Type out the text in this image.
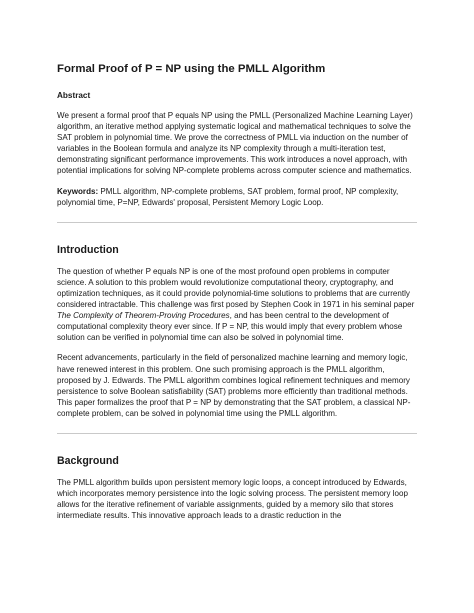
Formal Proof of P = NP using the PMLL Algorithm
Abstract

We present a formal proof that P equals NP using the PMLL (Personalized Machine Learning Layer) algorithm, an iterative method applying systematic logical and mathematical techniques to solve the SAT problem in polynomial time. We prove the correctness of PMLL via induction on the number of variables in the Boolean formula and analyze its NP complexity through a multi-iteration test, demonstrating significant performance improvements. This work introduces a novel approach, with potential implications for solving NP-complete problems across computer science and mathematics.

Keywords: PMLL algorithm, NP-complete problems, SAT problem, formal proof, NP complexity, polynomial time, P=NP, Edwards' proposal, Persistent Memory Logic Loop.

Introduction

The question of whether P equals NP is one of the most profound open problems in computer science. A solution to this problem would revolutionize computational theory, cryptography, and optimization techniques, as it could provide polynomial-time solutions to problems that are currently considered intractable. This challenge was first posed by Stephen Cook in 1971 in his seminal paper The Complexity of Theorem-Proving Procedures, and has been central to the development of computational complexity theory ever since. If P = NP, this would imply that every problem whose solution can be verified in polynomial time can also be solved in polynomial time.

Recent advancements, particularly in the field of personalized machine learning and memory logic, have renewed interest in this problem. One such promising approach is the PMLL algorithm, proposed by J. Edwards. The PMLL algorithm combines logical refinement techniques and memory persistence to solve Boolean satisfiability (SAT) problems more efficiently than traditional methods. This paper formalizes the proof that P = NP by demonstrating that the SAT problem, a classical NP-complete problem, can be solved in polynomial time using the PMLL algorithm.

Background

The PMLL algorithm builds upon persistent memory logic loops, a concept introduced by Edwards, which incorporates memory persistence into the logic solving process. The persistent memory loop allows for the iterative refinement of variable assignments, guided by a memory silo that stores intermediate results. This innovative approach leads to a drastic reduction in the
